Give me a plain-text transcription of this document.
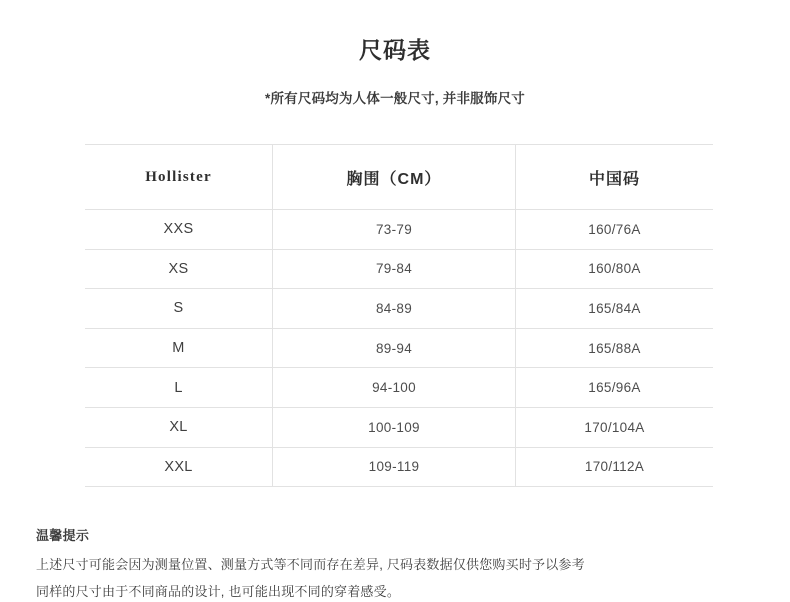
尺码表

*所有尺码均为人体一般尺寸, 并非服饰尺寸

Hollister	胸围（CM）	中国码
XXS	73-79	160/76A
XS	79-84	160/80A
S	84-89	165/84A
M	89-94	165/88A
L	94-100	165/96A
XL	100-109	170/104A
XXL	109-119	170/112A

温馨提示

上述尺寸可能会因为测量位置、测量方式等不同而存在差异, 尺码表数据仅供您购买时予以参考

同样的尺寸由于不同商品的设计, 也可能出现不同的穿着感受。
